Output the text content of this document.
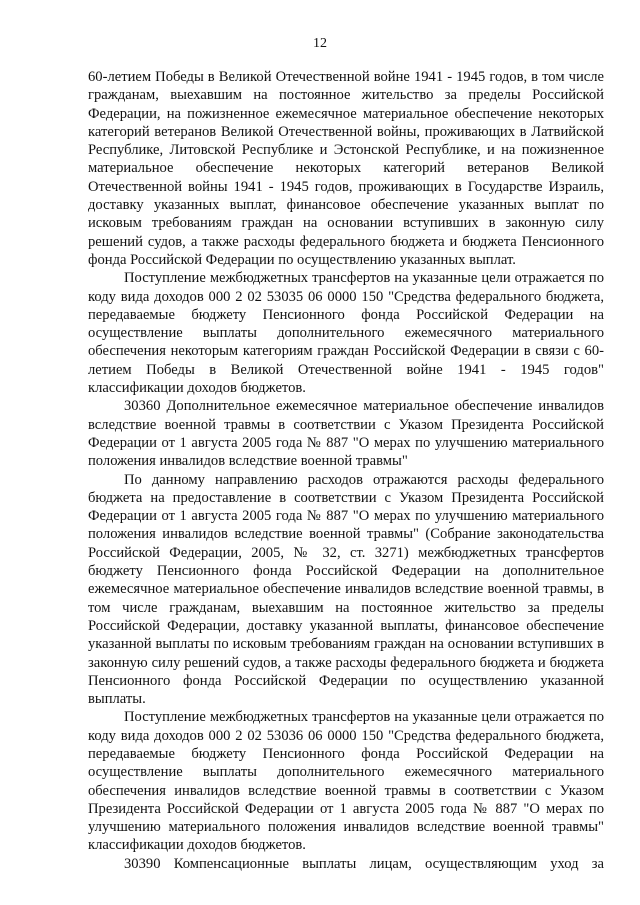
12

60-летием Победы в Великой Отечественной войне 1941 - 1945 годов, в том числе гражданам, выехавшим на постоянное жительство за пределы Российской Федерации, на пожизненное ежемесячное материальное обеспечение некоторых категорий ветеранов Великой Отечественной войны, проживающих в Латвийской Республике, Литовской Республике и Эстонской Республике, и на пожизненное материальное обеспечение некоторых категорий ветеранов Великой Отечественной войны 1941 - 1945 годов, проживающих в Государстве Израиль, доставку указанных выплат, финансовое обеспечение указанных выплат по исковым требованиям граждан на основании вступивших в законную силу решений судов, а также расходы федерального бюджета и бюджета Пенсионного фонда Российской Федерации по осуществлению указанных выплат.

Поступление межбюджетных трансфертов на указанные цели отражается по коду вида доходов 000 2 02 53035 06 0000 150 "Средства федерального бюджета, передаваемые бюджету Пенсионного фонда Российской Федерации на осуществление выплаты дополнительного ежемесячного материального обеспечения некоторым категориям граждан Российской Федерации в связи с 60-летием Победы в Великой Отечественной войне 1941 - 1945 годов" классификации доходов бюджетов.

30360 Дополнительное ежемесячное материальное обеспечение инвалидов вследствие военной травмы в соответствии с Указом Президента Российской Федерации от 1 августа 2005 года № 887 "О мерах по улучшению материального положения инвалидов вследствие военной травмы"

По данному направлению расходов отражаются расходы федерального бюджета на предоставление в соответствии с Указом Президента Российской Федерации от 1 августа 2005 года № 887 "О мерах по улучшению материального положения инвалидов вследствие военной травмы" (Собрание законодательства Российской Федерации, 2005, № 32, ст. 3271) межбюджетных трансфертов бюджету Пенсионного фонда Российской Федерации на дополнительное ежемесячное материальное обеспечение инвалидов вследствие военной травмы, в том числе гражданам, выехавшим на постоянное жительство за пределы Российской Федерации, доставку указанной выплаты, финансовое обеспечение указанной выплаты по исковым требованиям граждан на основании вступивших в законную силу решений судов, а также расходы федерального бюджета и бюджета Пенсионного фонда Российской Федерации по осуществлению указанной выплаты.

Поступление межбюджетных трансфертов на указанные цели отражается по коду вида доходов 000 2 02 53036 06 0000 150 "Средства федерального бюджета, передаваемые бюджету Пенсионного фонда Российской Федерации на осуществление выплаты дополнительного ежемесячного материального обеспечения инвалидов вследствие военной травмы в соответствии с Указом Президента Российской Федерации от 1 августа 2005 года № 887 "О мерах по улучшению материального положения инвалидов вследствие военной травмы" классификации доходов бюджетов.

30390 Компенсационные выплаты лицам, осуществляющим уход за
